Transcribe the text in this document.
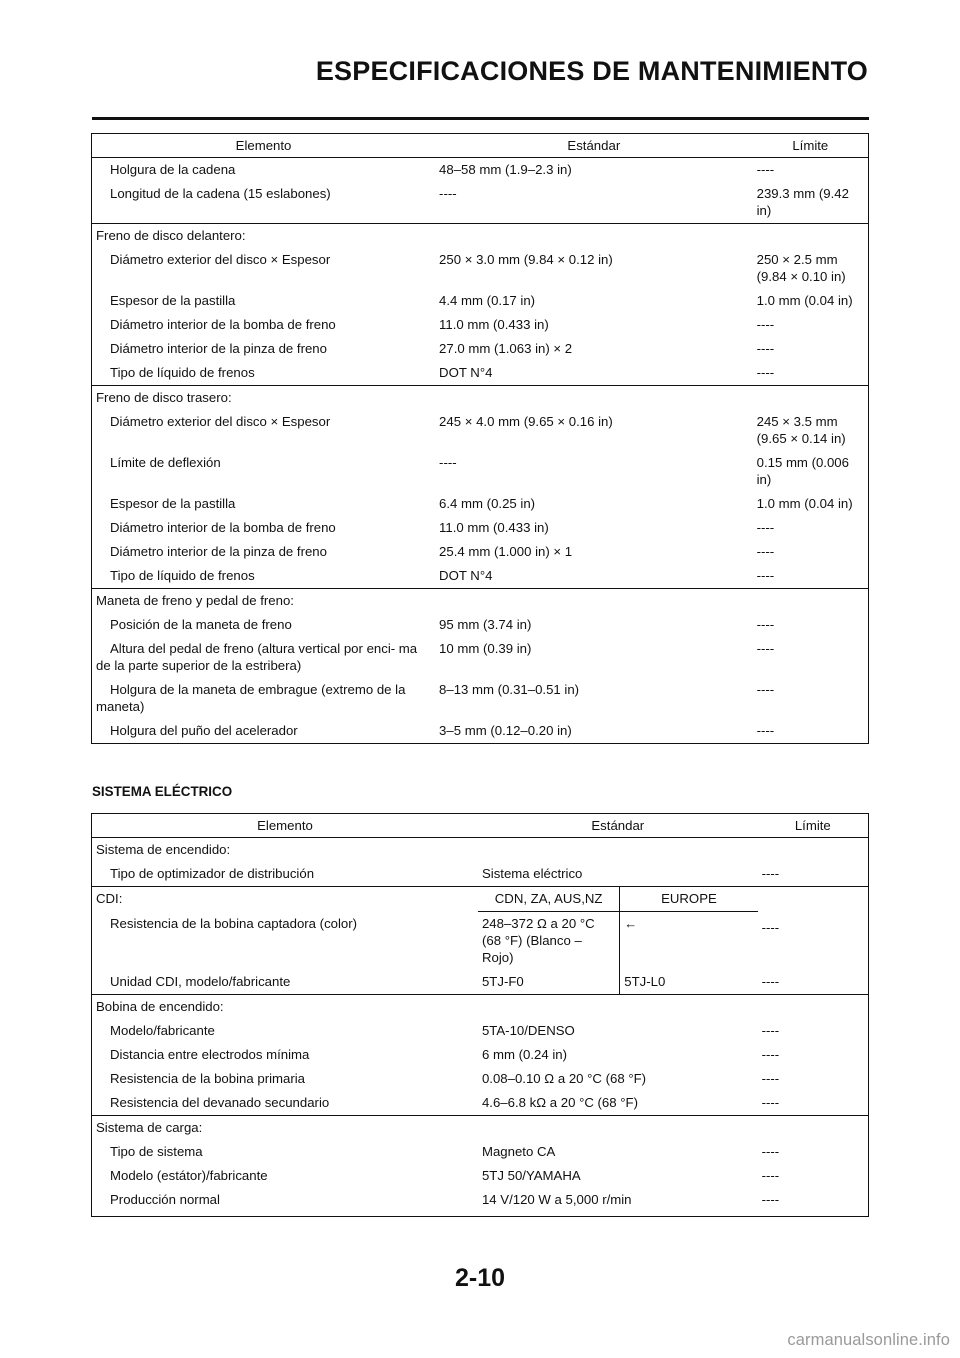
ESPECIFICACIONES DE MANTENIMIENTO
Elemento	Estándar	Límite
Holgura de la cadena	48–58 mm (1.9–2.3 in)	----
Longitud de la cadena (15 eslabones)	----	239.3 mm (9.42 in)
Freno de disco delantero:		
Diámetro exterior del disco × Espesor	250 × 3.0 mm (9.84 × 0.12 in)	250 × 2.5 mm (9.84 × 0.10 in)
Espesor de la pastilla	4.4 mm (0.17 in)	1.0 mm (0.04 in)
Diámetro interior de la bomba de freno	11.0 mm (0.433 in)	----
Diámetro interior de la pinza de freno	27.0 mm (1.063 in) × 2	----
Tipo de líquido de frenos	DOT N°4	----
Freno de disco trasero:		
Diámetro exterior del disco × Espesor	245 × 4.0 mm (9.65 × 0.16 in)	245 × 3.5 mm (9.65 × 0.14 in)
Límite de deflexión	----	0.15 mm (0.006 in)
Espesor de la pastilla	6.4 mm (0.25 in)	1.0 mm (0.04 in)
Diámetro interior de la bomba de freno	11.0 mm (0.433 in)	----
Diámetro interior de la pinza de freno	25.4 mm (1.000 in) × 1	----
Tipo de líquido de frenos	DOT N°4	----
Maneta de freno y pedal de freno:		
Posición de la maneta de freno	95 mm (3.74 in)	----
Altura del pedal de freno (altura vertical por enci- ma de la parte superior de la estribera)	10 mm (0.39 in)	----
Holgura de la maneta de embrague (extremo de la maneta)	8–13 mm (0.31–0.51 in)	----
Holgura del puño del acelerador	3–5 mm (0.12–0.20 in)	----
SISTEMA ELÉCTRICO
Elemento	Estándar		Límite
Sistema de encendido:			
Tipo de optimizador de distribución	Sistema eléctrico		----
CDI:	CDN, ZA, AUS,NZ	EUROPE	----
Resistencia de la bobina captadora (color)	248–372 Ω a 20 °C (68 °F) (Blanco – Rojo)	←	
Unidad CDI, modelo/fabricante	5TJ-F0	5TJ-L0	----
Bobina de encendido:			
Modelo/fabricante	5TA-10/DENSO		----
Distancia entre electrodos mínima	6 mm (0.24 in)		----
Resistencia de la bobina primaria	0.08–0.10 Ω a 20 °C (68 °F)		----
Resistencia del devanado secundario	4.6–6.8 kΩ a 20 °C (68 °F)		----
Sistema de carga:			
Tipo de sistema	Magneto CA		----
Modelo (estátor)/fabricante	5TJ 50/YAMAHA		----
Producción normal	14 V/120 W a 5,000 r/min		----
2-10
carmanualsonline.info
